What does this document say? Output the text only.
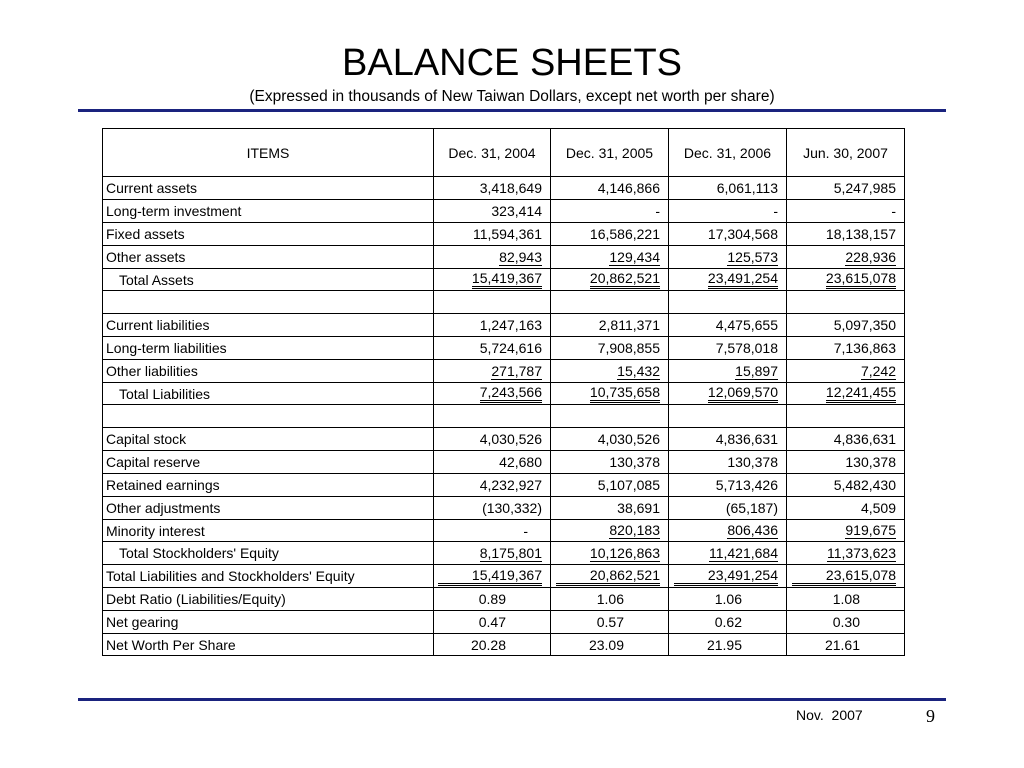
BALANCE SHEETS
(Expressed in thousands of New Taiwan Dollars, except net worth per share)
ITEMS	Dec. 31, 2004	Dec. 31, 2005	Dec. 31, 2006	Jun. 30, 2007
Current assets	3,418,649	4,146,866	6,061,113	5,247,985
Long-term investment	323,414	-	-	-
Fixed assets	11,594,361	16,586,221	17,304,568	18,138,157
Other assets	82,943	129,434	125,573	228,936
Total Assets	15,419,367	20,862,521	23,491,254	23,615,078

Current liabilities	1,247,163	2,811,371	4,475,655	5,097,350
Long-term liabilities	5,724,616	7,908,855	7,578,018	7,136,863
Other liabilities	271,787	15,432	15,897	7,242
Total Liabilities	7,243,566	10,735,658	12,069,570	12,241,455

Capital stock	4,030,526	4,030,526	4,836,631	4,836,631
Capital reserve	42,680	130,378	130,378	130,378
Retained earnings	4,232,927	5,107,085	5,713,426	5,482,430
Other adjustments	(130,332)	38,691	(65,187)	4,509
Minority interest	-	820,183	806,436	919,675
Total Stockholders' Equity	8,175,801	10,126,863	11,421,684	11,373,623
Total Liabilities and Stockholders' Equity	15,419,367	20,862,521	23,491,254	23,615,078
Debt Ratio (Liabilities/Equity)	0.89	1.06	1.06	1.08
Net gearing	0.47	0.57	0.62	0.30
Net Worth Per Share	20.28	23.09	21.95	21.61
Nov.  2007	9
